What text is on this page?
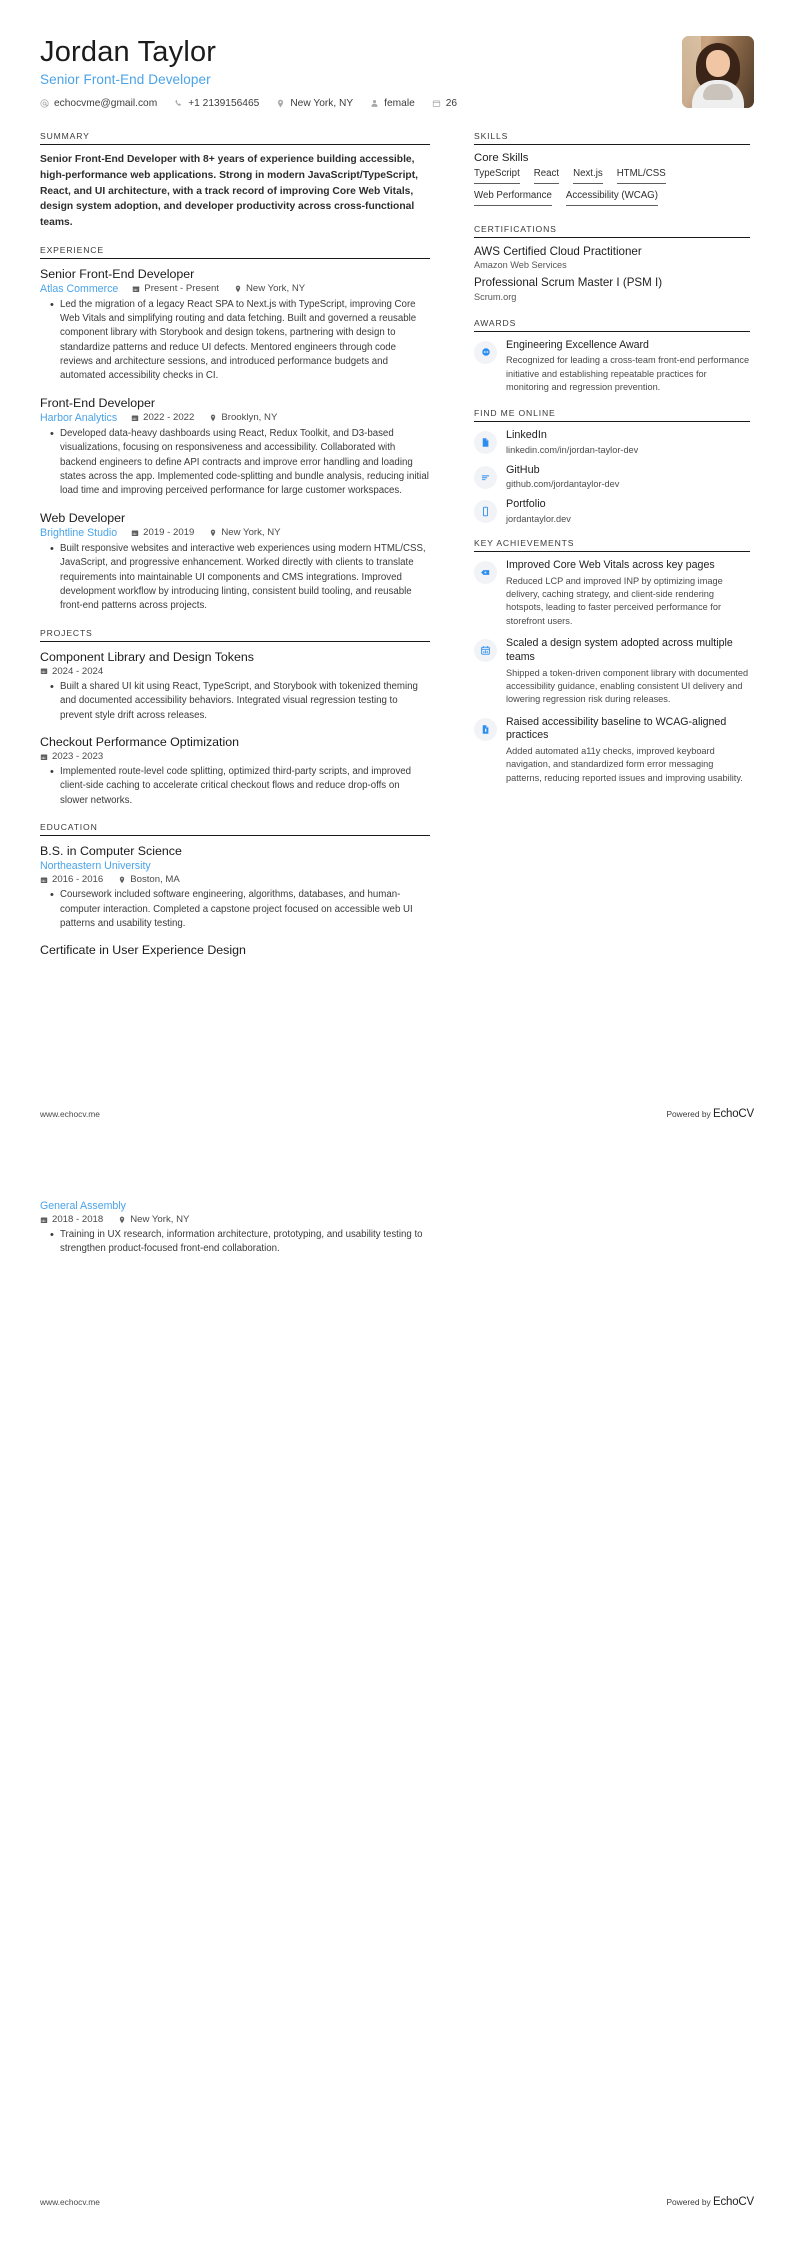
Jordan Taylor
Senior Front-End Developer
echocvme@gmail.com	+1 2139156465	New York, NY	female	26
SUMMARY
Senior Front-End Developer with 8+ years of experience building accessible, high-performance web applications. Strong in modern JavaScript/TypeScript, React, and UI architecture, with a track record of improving Core Web Vitals, design system adoption, and developer productivity across cross-functional teams.
EXPERIENCE
Senior Front-End Developer
Atlas Commerce	Present - Present	New York, NY
• Led the migration of a legacy React SPA to Next.js with TypeScript, improving Core Web Vitals and simplifying routing and data fetching. Built and governed a reusable component library with Storybook and design tokens, partnering with design to standardize patterns and reduce UI defects. Mentored engineers through code reviews and architecture sessions, and introduced performance budgets and automated accessibility checks in CI.
Front-End Developer
Harbor Analytics	2022 - 2022	Brooklyn, NY
• Developed data-heavy dashboards using React, Redux Toolkit, and D3-based visualizations, focusing on responsiveness and accessibility. Collaborated with backend engineers to define API contracts and improve error handling and loading states across the app. Implemented code-splitting and bundle analysis, reducing initial load time and improving perceived performance for large customer workspaces.
Web Developer
Brightline Studio	2019 - 2019	New York, NY
• Built responsive websites and interactive web experiences using modern HTML/CSS, JavaScript, and progressive enhancement. Worked directly with clients to translate requirements into maintainable UI components and CMS integrations. Improved development workflow by introducing linting, consistent build tooling, and reusable front-end patterns across projects.
PROJECTS
Component Library and Design Tokens
2024 - 2024
• Built a shared UI kit using React, TypeScript, and Storybook with tokenized theming and documented accessibility behaviors. Integrated visual regression testing to prevent style drift across releases.
Checkout Performance Optimization
2023 - 2023
• Implemented route-level code splitting, optimized third-party scripts, and improved client-side caching to accelerate critical checkout flows and reduce drop-offs on slower networks.
EDUCATION
B.S. in Computer Science
Northeastern University
2016 - 2016	Boston, MA
• Coursework included software engineering, algorithms, databases, and human-computer interaction. Completed a capstone project focused on accessible web UI patterns and usability testing.
Certificate in User Experience Design
SKILLS
Core Skills
TypeScript React Next.js HTML/CSS
Web Performance Accessibility (WCAG)
CERTIFICATIONS
AWS Certified Cloud Practitioner
Amazon Web Services
Professional Scrum Master I (PSM I)
Scrum.org
AWARDS
Engineering Excellence Award
Recognized for leading a cross-team front-end performance initiative and establishing repeatable practices for monitoring and regression prevention.
FIND ME ONLINE
LinkedIn
linkedin.com/in/jordan-taylor-dev
GitHub
github.com/jordantaylor-dev
Portfolio
jordantaylor.dev
KEY ACHIEVEMENTS
Improved Core Web Vitals across key pages
Reduced LCP and improved INP by optimizing image delivery, caching strategy, and client-side rendering hotspots, leading to faster perceived performance for storefront users.
Scaled a design system adopted across multiple teams
Shipped a token-driven component library with documented accessibility guidance, enabling consistent UI delivery and lowering regression risk during releases.
Raised accessibility baseline to WCAG-aligned practices
Added automated a11y checks, improved keyboard navigation, and standardized form error messaging patterns, reducing reported issues and improving usability.
www.echocv.me	Powered by EchoCV
General Assembly
2018 - 2018	New York, NY
• Training in UX research, information architecture, prototyping, and usability testing to strengthen product-focused front-end collaboration.
www.echocv.me	Powered by EchoCV
